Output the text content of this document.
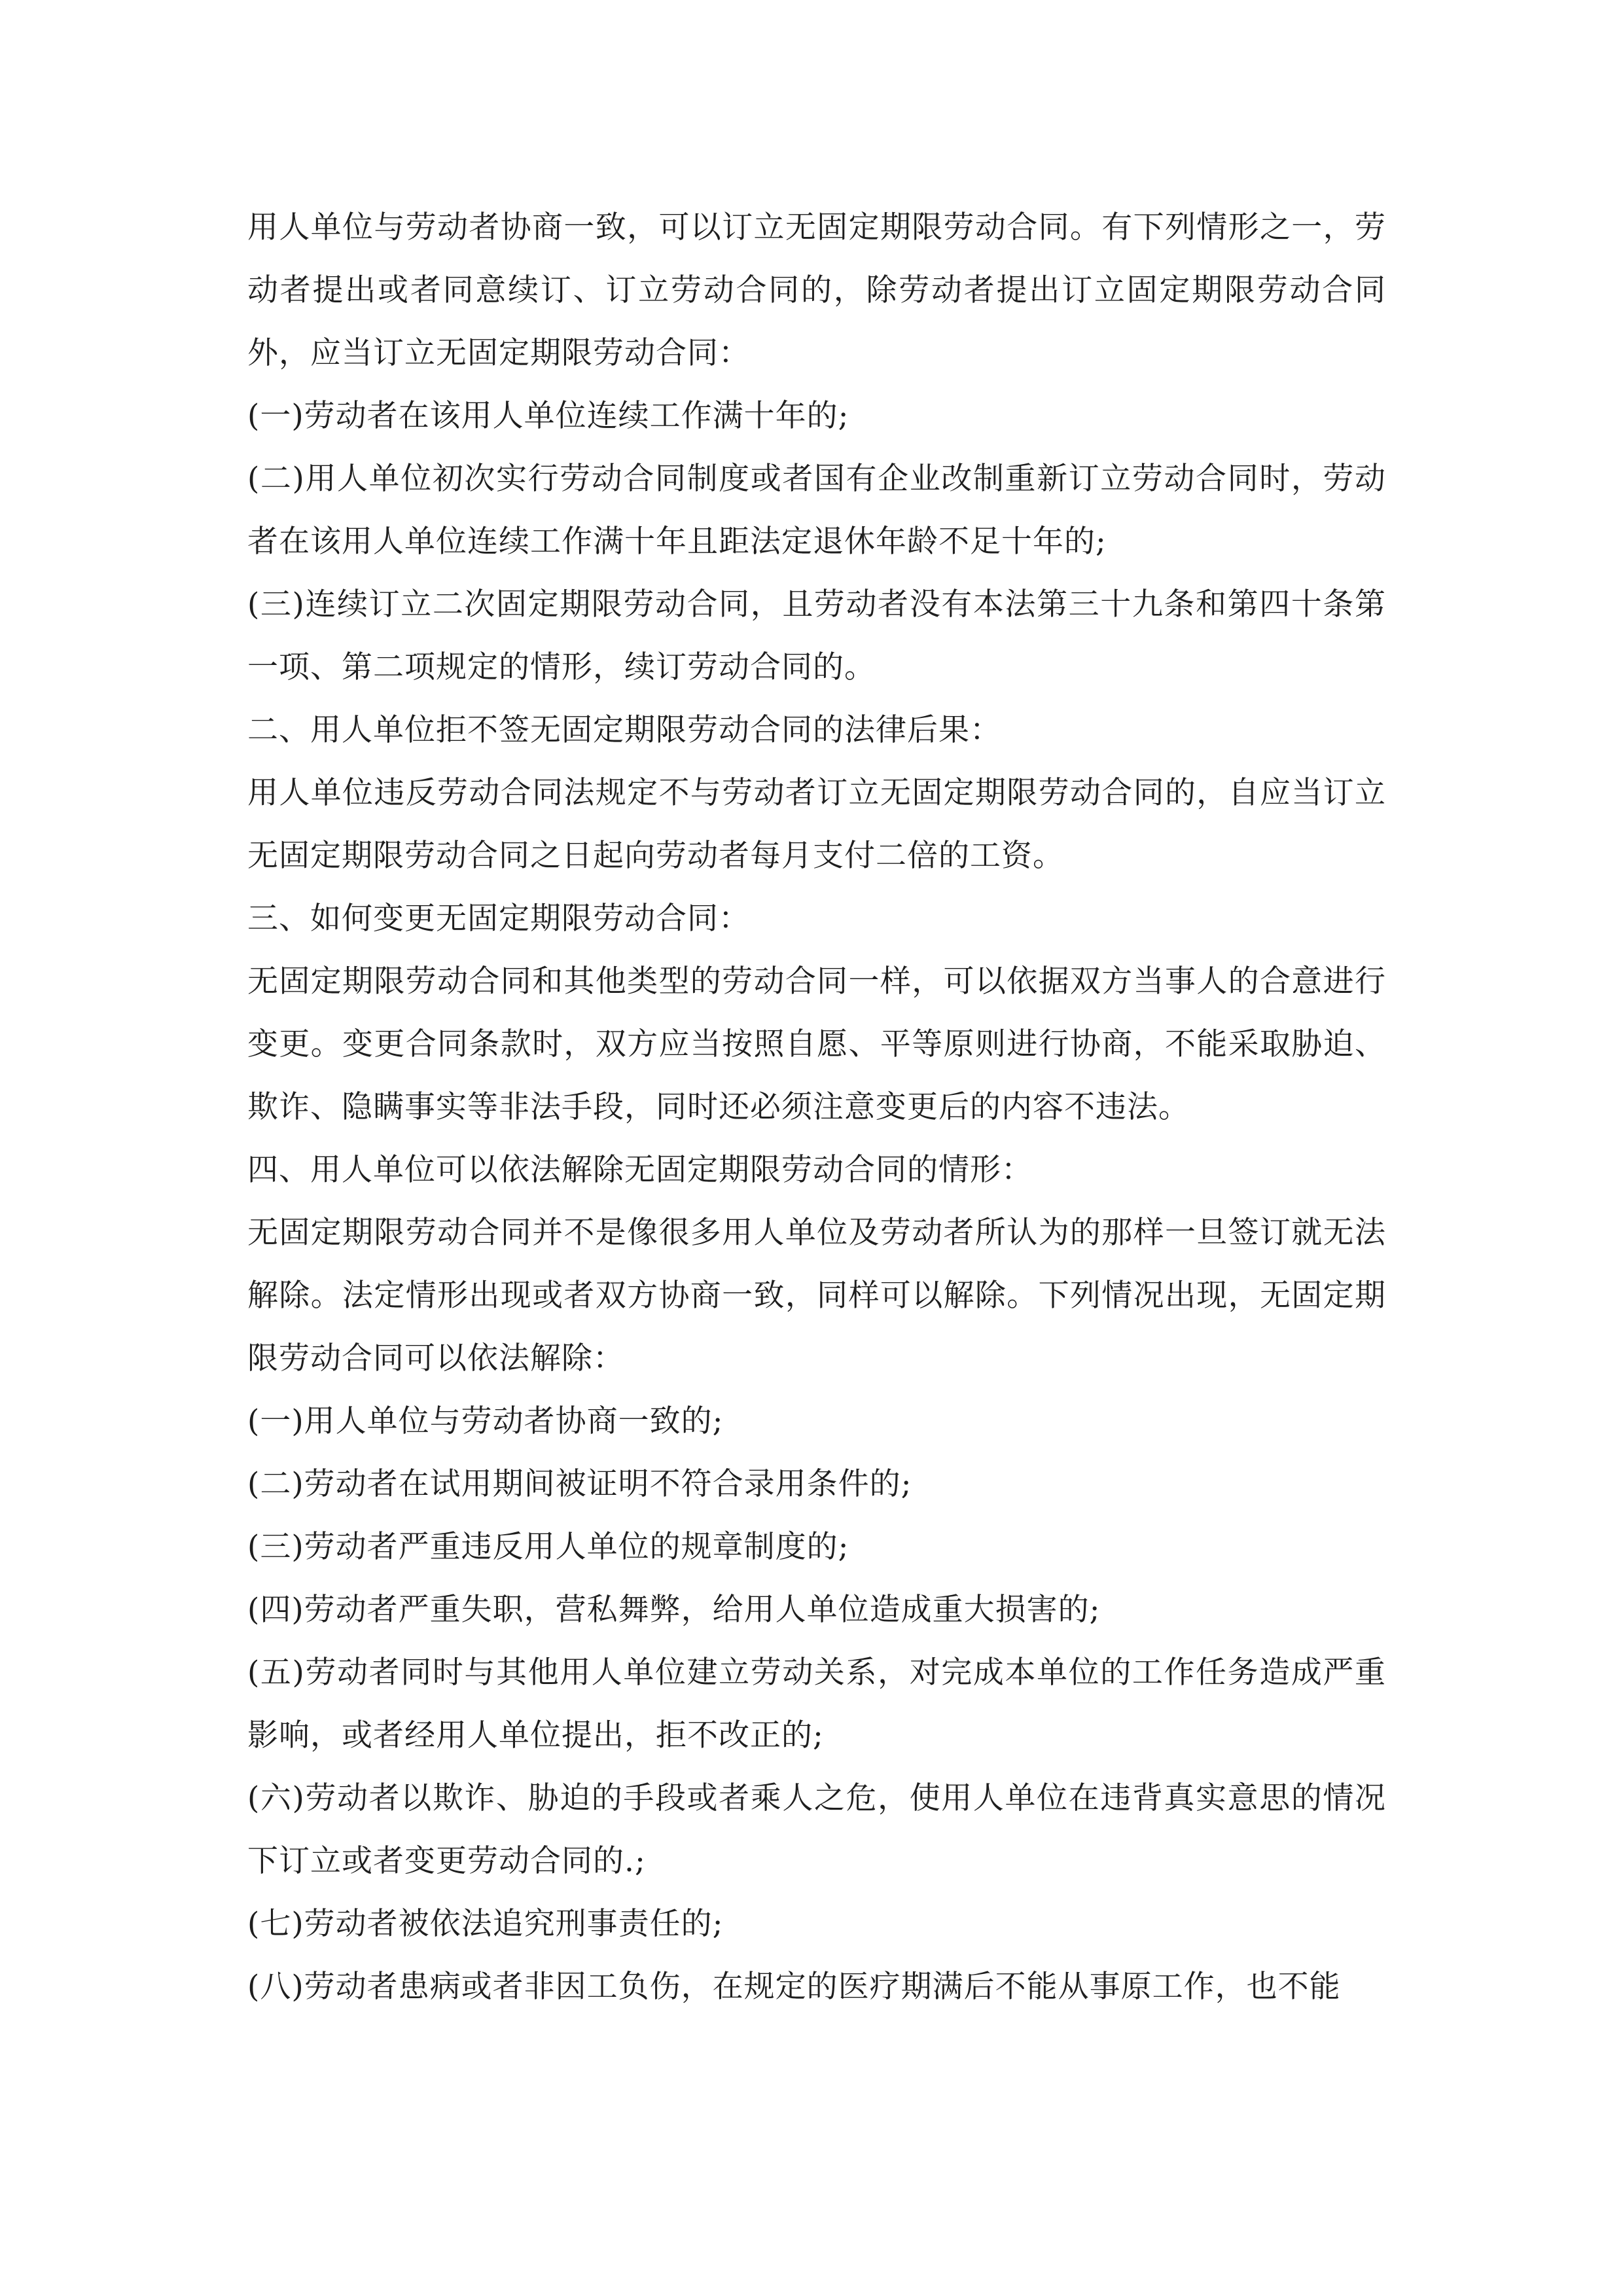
用人单位与劳动者协商一致，可以订立无固定期限劳动合同。有下列情形之一，劳动者提出或者同意续订、订立劳动合同的，除劳动者提出订立固定期限劳动合同外，应当订立无固定期限劳动合同：

(一)劳动者在该用人单位连续工作满十年的;

(二)用人单位初次实行劳动合同制度或者国有企业改制重新订立劳动合同时，劳动者在该用人单位连续工作满十年且距法定退休年龄不足十年的;

(三)连续订立二次固定期限劳动合同，且劳动者没有本法第三十九条和第四十条第一项、第二项规定的情形，续订劳动合同的。

二、用人单位拒不签无固定期限劳动合同的法律后果：

用人单位违反劳动合同法规定不与劳动者订立无固定期限劳动合同的，自应当订立无固定期限劳动合同之日起向劳动者每月支付二倍的工资。

三、如何变更无固定期限劳动合同：

无固定期限劳动合同和其他类型的劳动合同一样，可以依据双方当事人的合意进行变更。变更合同条款时，双方应当按照自愿、平等原则进行协商，不能采取胁迫、欺诈、隐瞒事实等非法手段，同时还必须注意变更后的内容不违法。

四、用人单位可以依法解除无固定期限劳动合同的情形：

无固定期限劳动合同并不是像很多用人单位及劳动者所认为的那样一旦签订就无法解除。法定情形出现或者双方协商一致，同样可以解除。下列情况出现，无固定期限劳动合同可以依法解除：

(一)用人单位与劳动者协商一致的;

(二)劳动者在试用期间被证明不符合录用条件的;

(三)劳动者严重违反用人单位的规章制度的;

(四)劳动者严重失职，营私舞弊，给用人单位造成重大损害的;

(五)劳动者同时与其他用人单位建立劳动关系，对完成本单位的工作任务造成严重影响，或者经用人单位提出，拒不改正的;

(六)劳动者以欺诈、胁迫的手段或者乘人之危，使用人单位在违背真实意思的情况下订立或者变更劳动合同的.;

(七)劳动者被依法追究刑事责任的;

(八)劳动者患病或者非因工负伤，在规定的医疗期满后不能从事原工作，也不能
